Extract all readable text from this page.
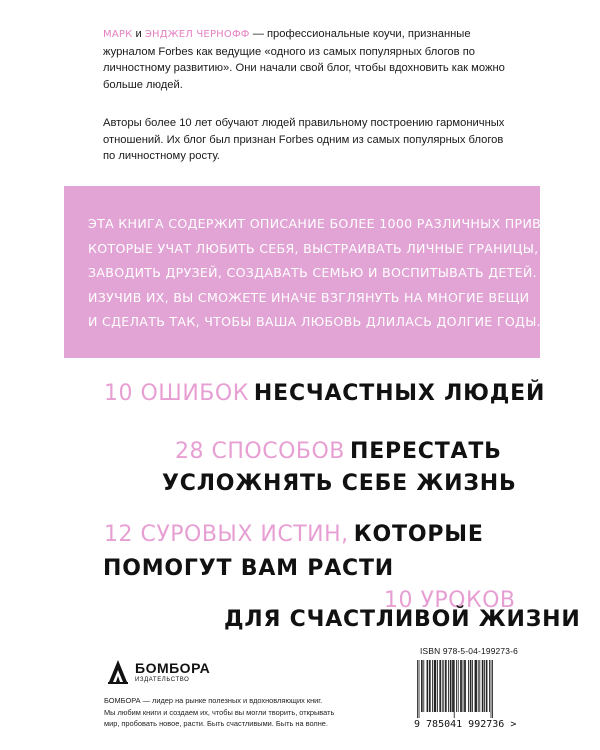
МАРК и ЭНДЖЕЛ ЧЕРНОФФ — профессиональные коучи, признанные журналом Forbes как ведущие «одного из самых популярных блогов по личностному развитию». Они начали свой блог, чтобы вдохновить как можно больше людей.

Авторы более 10 лет обучают людей правильному построению гармоничных отношений. Их блог был признан Forbes одним из самых популярных блогов по личностному росту.

ЭТА КНИГА СОДЕРЖИТ ОПИСАНИЕ БОЛЕЕ 1000 РАЗЛИЧНЫХ ПРИВЫЧЕК,
КОТОРЫЕ УЧАТ ЛЮБИТЬ СЕБЯ, ВЫСТРАИВАТЬ ЛИЧНЫЕ ГРАНИЦЫ,
ЗАВОДИТЬ ДРУЗЕЙ, СОЗДАВАТЬ СЕМЬЮ И ВОСПИТЫВАТЬ ДЕТЕЙ.
ИЗУЧИВ ИХ, ВЫ СМОЖЕТЕ ИНАЧЕ ВЗГЛЯНУТЬ НА МНОГИЕ ВЕЩИ
И СДЕЛАТЬ ТАК, ЧТОБЫ ВАША ЛЮБОВЬ ДЛИЛАСЬ ДОЛГИЕ ГОДЫ.
10 ОШИБОК НЕСЧАСТНЫХ ЛЮДЕЙ
28 СПОСОБОВ ПЕРЕСТАТЬ
УСЛОЖНЯТЬ СЕБЕ ЖИЗНЬ
12 СУРОВЫХ ИСТИН, КОТОРЫЕ
ПОМОГУТ ВАМ РАСТИ
10 УРОКОВ
ДЛЯ СЧАСТЛИВОЙ ЖИЗНИ
БОМБОРА
ИЗДАТЕЛЬСТВО
БОМБОРА — лидер на рынке полезных и вдохновляющих книг.
Мы любим книги и создаем их, чтобы вы могли творить, открывать
мир, пробовать новое, расти. Быть счастливыми. Быть на волне.
ISBN 978-5-04-199273-6
9 785041 992736 >
